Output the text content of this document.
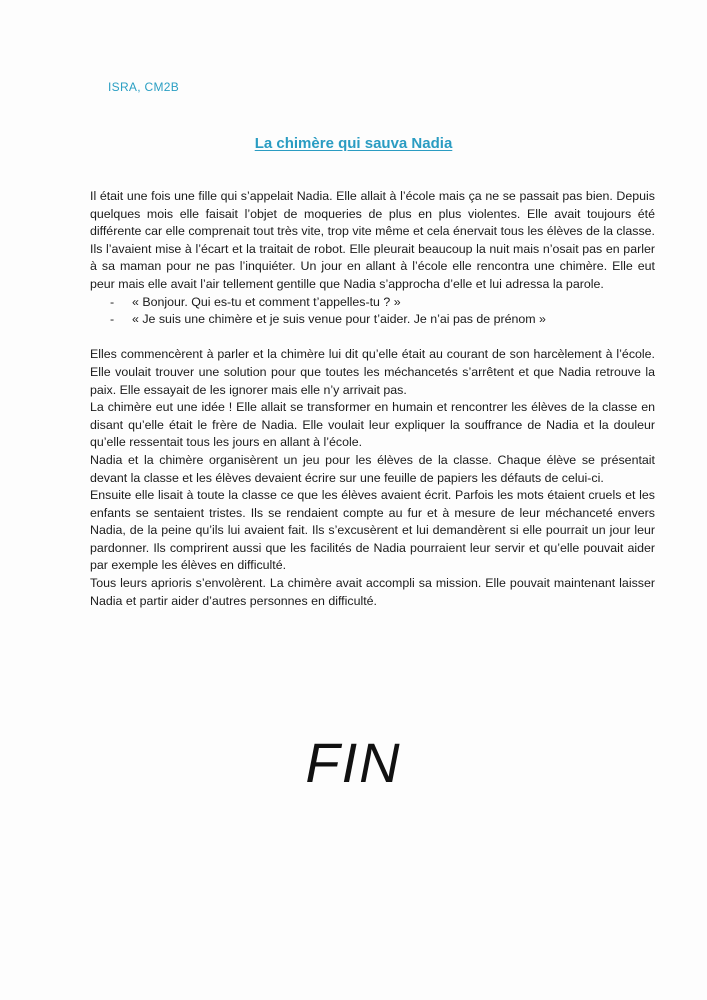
ISRA, CM2B
La chimère qui sauva Nadia

Il était une fois une fille qui s’appelait Nadia. Elle allait à l’école mais ça ne se passait pas bien. Depuis quelques mois elle faisait l’objet de moqueries de plus en plus violentes. Elle avait toujours été différente car elle comprenait tout très vite, trop vite même et cela énervait tous les élèves de la classe. Ils l’avaient mise à l’écart et la traitait de robot. Elle pleurait beaucoup la nuit mais n’osait pas en parler à sa maman pour ne pas l’inquiéter. Un jour en allant à l’école elle rencontra une chimère. Elle eut peur mais elle avait l’air tellement gentille que Nadia s’approcha d’elle et lui adressa la parole.

- « Bonjour. Qui es-tu et comment t’appelles-tu ? »
- « Je suis une chimère et je suis venue pour t’aider. Je n’ai pas de prénom »

Elles commencèrent à parler et la chimère lui dit qu’elle était au courant de son harcèlement à l’école. Elle voulait trouver une solution pour que toutes les méchancetés s’arrêtent et que Nadia retrouve la paix. Elle essayait de les ignorer mais elle n’y arrivait pas.

La chimère eut une idée ! Elle allait se transformer en humain et rencontrer les élèves de la classe en disant qu’elle était le frère de Nadia. Elle voulait leur expliquer la souffrance de Nadia et la douleur qu’elle ressentait tous les jours en allant à l’école.

Nadia et la chimère organisèrent un jeu pour les élèves de la classe. Chaque élève se présentait devant la classe et les élèves devaient écrire sur une feuille de papiers les défauts de celui-ci.

Ensuite elle lisait à toute la classe ce que les élèves avaient écrit. Parfois les mots étaient cruels et les enfants se sentaient tristes. Ils se rendaient compte au fur et à mesure de leur méchanceté envers Nadia, de la peine qu’ils lui avaient fait. Ils s’excusèrent et lui demandèrent si elle pourrait un jour leur pardonner. Ils comprirent aussi que les facilités de Nadia pourraient leur servir et qu’elle pouvait aider par exemple les élèves en difficulté.

Tous leurs aprioris s’envolèrent. La chimère avait accompli sa mission. Elle pouvait maintenant laisser Nadia et partir aider d’autres personnes en difficulté.

FIN
